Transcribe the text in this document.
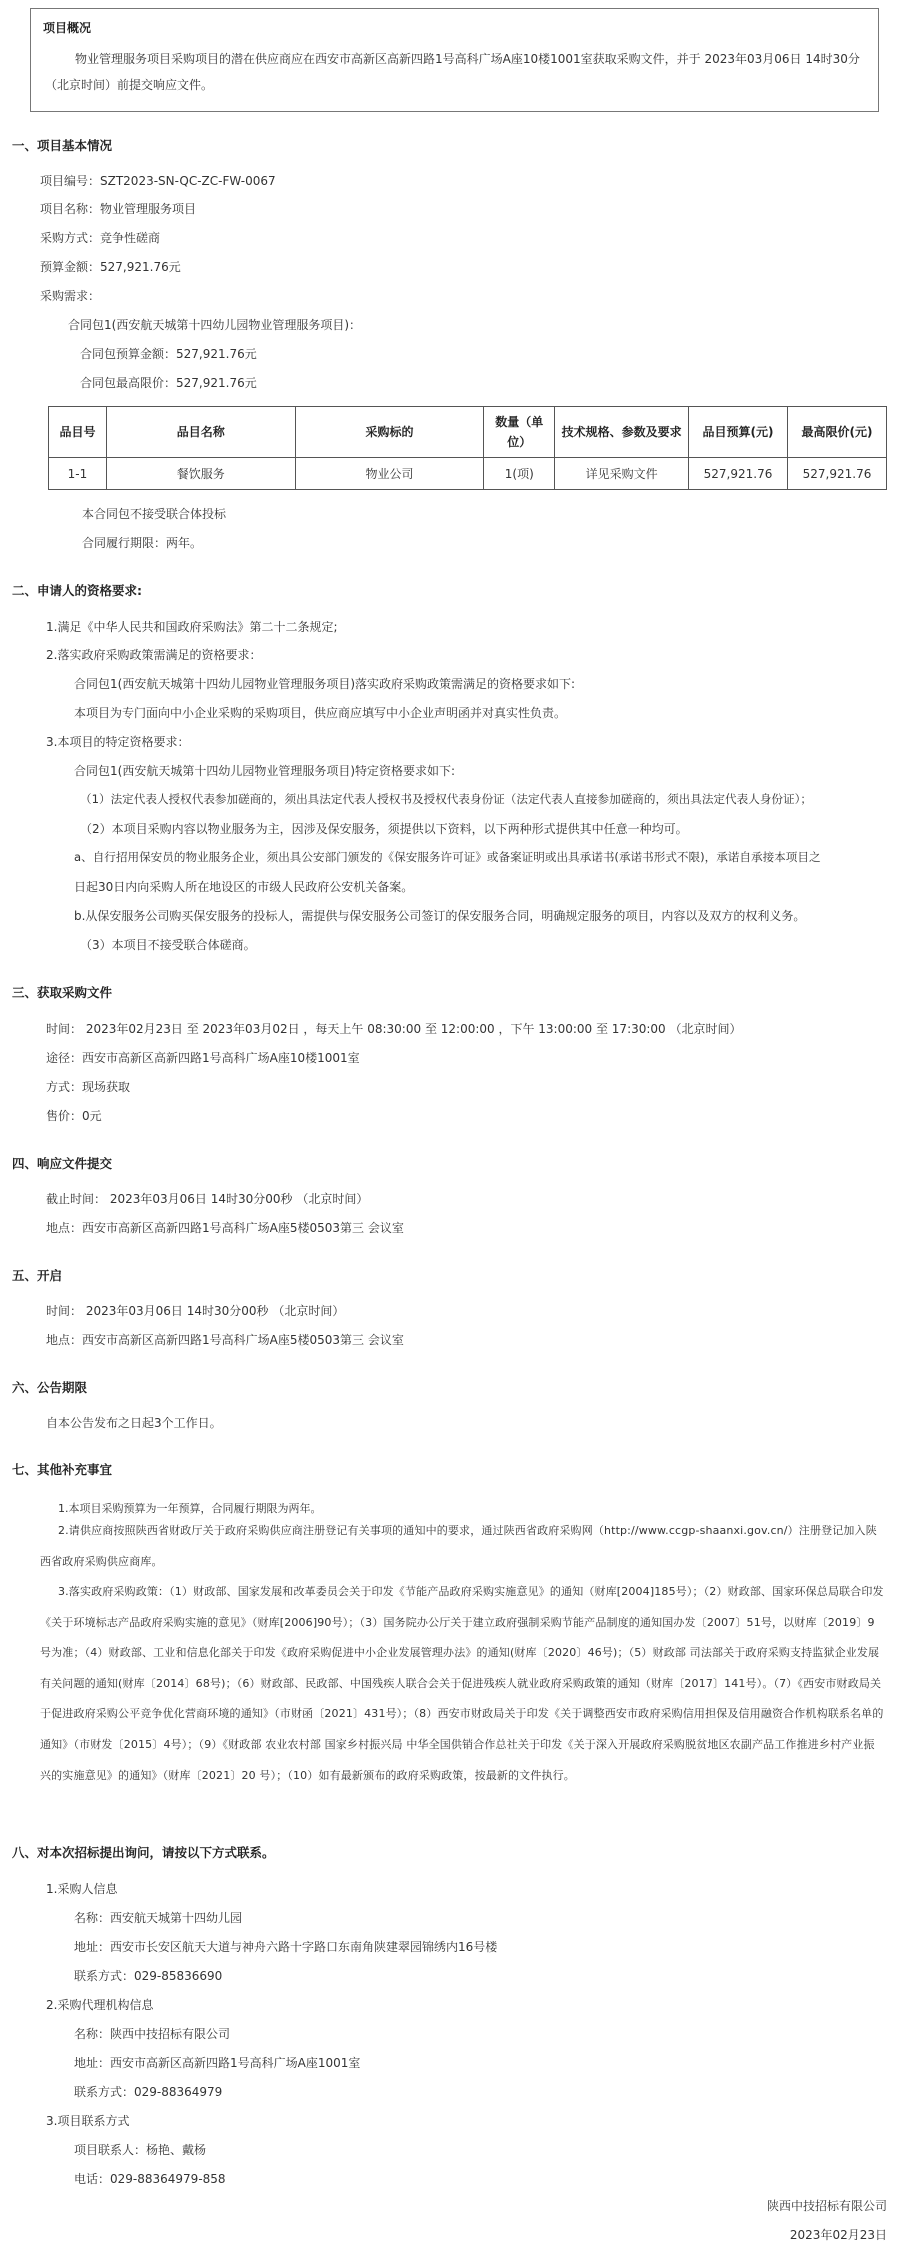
项目概况
物业管理服务项目采购项目的潜在供应商应在西安市高新区高新四路1号高科广场A座10楼1001室获取采购文件，并于 2023年03月06日 14时30分 （北京时间）前提交响应文件。
一、项目基本情况
项目编号：SZT2023-SN-QC-ZC-FW-0067
项目名称：物业管理服务项目
采购方式：竞争性磋商
预算金额：527,921.76元
采购需求：
合同包1(西安航天城第十四幼儿园物业管理服务项目)：
合同包预算金额：527,921.76元
合同包最高限价：527,921.76元
品目号	品目名称	采购标的	数量（单位）	技术规格、参数及要求	品目预算(元)	最高限价(元)
1-1	餐饮服务	物业公司	1(项)	详见采购文件	527,921.76	527,921.76
本合同包不接受联合体投标
合同履行期限：两年。
二、申请人的资格要求:
1.满足《中华人民共和国政府采购法》第二十二条规定;
2.落实政府采购政策需满足的资格要求：
合同包1(西安航天城第十四幼儿园物业管理服务项目)落实政府采购政策需满足的资格要求如下:
本项目为专门面向中小企业采购的采购项目，供应商应填写中小企业声明函并对真实性负责。
3.本项目的特定资格要求：
合同包1(西安航天城第十四幼儿园物业管理服务项目)特定资格要求如下:
（1）法定代表人授权代表参加磋商的，须出具法定代表人授权书及授权代表身份证（法定代表人直接参加磋商的，须出具法定代表人身份证）；
（2）本项目采购内容以物业服务为主，因涉及保安服务，须提供以下资料，以下两种形式提供其中任意一种均可。
a、自行招用保安员的物业服务企业，须出具公安部门颁发的《保安服务许可证》或备案证明或出具承诺书(承诺书形式不限)，承诺自承接本项目之
日起30日内向采购人所在地设区的市级人民政府公安机关备案。
b.从保安服务公司购买保安服务的投标人，需提供与保安服务公司签订的保安服务合同，明确规定服务的项目，内容以及双方的权利义务。
（3）本项目不接受联合体磋商。
三、获取采购文件
时间： 2023年02月23日 至 2023年03月02日 ，每天上午 08:30:00 至 12:00:00 ，下午 13:00:00 至 17:30:00 （北京时间）
途径：西安市高新区高新四路1号高科广场A座10楼1001室
方式：现场获取
售价：0元
四、响应文件提交
截止时间： 2023年03月06日 14时30分00秒 （北京时间）
地点：西安市高新区高新四路1号高科广场A座5楼0503第三 会议室
五、开启
时间： 2023年03月06日 14时30分00秒 （北京时间）
地点：西安市高新区高新四路1号高科广场A座5楼0503第三 会议室
六、公告期限
自本公告发布之日起3个工作日。
七、其他补充事宜
1.本项目采购预算为一年预算，合同履行期限为两年。
2.请供应商按照陕西省财政厅关于政府采购供应商注册登记有关事项的通知中的要求，通过陕西省政府采购网（http://www.ccgp-shaanxi.gov.cn/）注册登记加入陕西省政府采购供应商库。
3.落实政府采购政策：（1）财政部、国家发展和改革委员会关于印发《节能产品政府采购实施意见》的通知（财库[2004]185号）；（2）财政部、国家环保总局联合印发《关于环境标志产品政府采购实施的意见》（财库[2006]90号）；（3）国务院办公厅关于建立政府强制采购节能产品制度的通知国办发〔2007〕51号，以财库〔2019〕9号为准；（4）财政部、工业和信息化部关于印发《政府采购促进中小企业发展管理办法》的通知(财库〔2020〕46号)；（5）财政部 司法部关于政府采购支持监狱企业发展有关问题的通知(财库〔2014〕68号)；（6）财政部、民政部、中国残疾人联合会关于促进残疾人就业政府采购政策的通知（财库〔2017〕141号）。（7）《西安市财政局关于促进政府采购公平竞争优化营商环境的通知》（市财函〔2021〕431号）；（8）西安市财政局关于印发《关于调整西安市政府采购信用担保及信用融资合作机构联系名单的通知》（市财发〔2015〕4号）；（9）《财政部 农业农村部 国家乡村振兴局 中华全国供销合作总社关于印发《关于深入开展政府采购脱贫地区农副产品工作推进乡村产业振兴的实施意见》的通知》（财库〔2021〕20 号）；（10）如有最新颁布的政府采购政策，按最新的文件执行。
八、对本次招标提出询问，请按以下方式联系。
1.采购人信息
名称：西安航天城第十四幼儿园
地址：西安市长安区航天大道与神舟六路十字路口东南角陕建翠园锦绣内16号楼
联系方式：029-85836690
2.采购代理机构信息
名称：陕西中技招标有限公司
地址：西安市高新区高新四路1号高科广场A座1001室
联系方式：029-88364979
3.项目联系方式
项目联系人：杨艳、戴杨
电话：029-88364979-858
陕西中技招标有限公司
2023年02月23日
